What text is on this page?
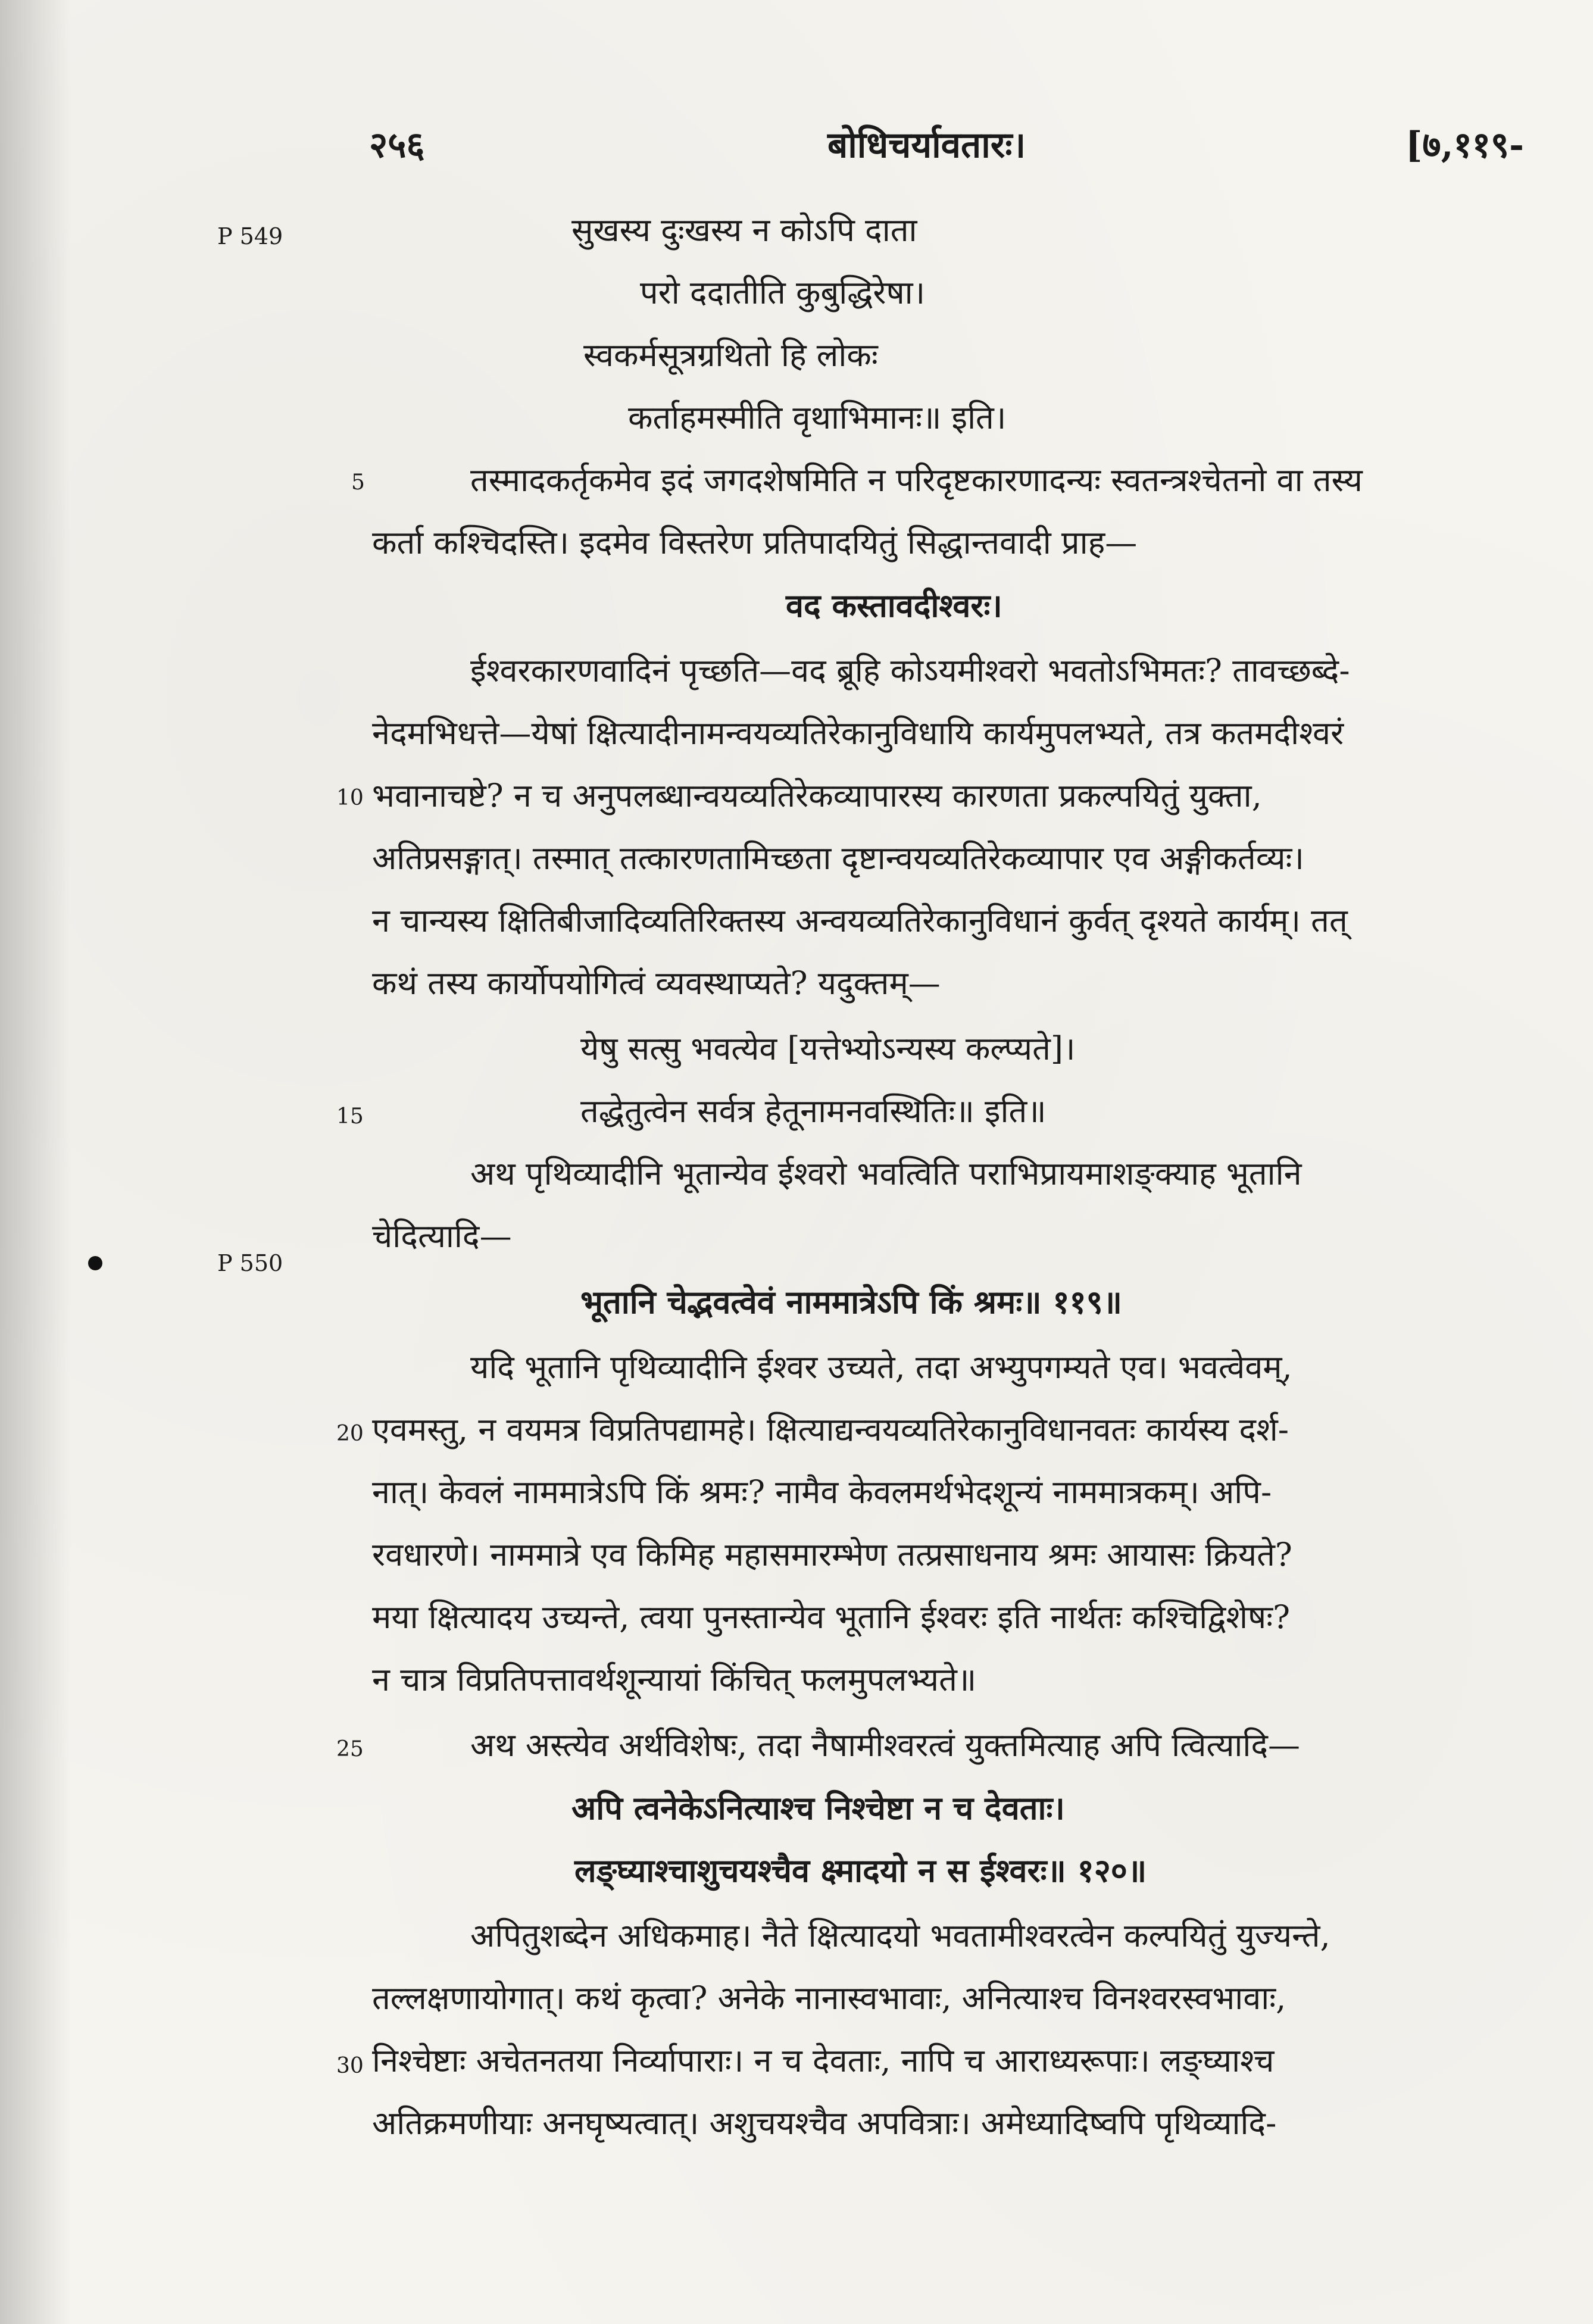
२५६	बोधिचर्यावतारः।	[७,११९-
P 549
P 550
5
10
15
20
25
30
सुखस्य दुःखस्य न कोऽपि दाता
परो ददातीति कुबुद्धिरेषा।
स्वकर्मसूत्रग्रथितो हि लोकः
कर्ताहमस्मीति वृथाभिमानः॥ इति।
तस्मादकर्तृकमेव इदं जगदशेषमिति न परिदृष्टकारणादन्यः स्वतन्त्रश्चेतनो वा तस्य
कर्ता कश्चिदस्ति। इदमेव विस्तरेण प्रतिपादयितुं सिद्धान्तवादी प्राह—
वद कस्तावदीश्वरः।
ईश्वरकारणवादिनं पृच्छति—वद ब्रूहि कोऽयमीश्वरो भवतोऽभिमतः? तावच्छब्दे-
नेदमभिधत्ते—येषां क्षित्यादीनामन्वयव्यतिरेकानुविधायि कार्यमुपलभ्यते, तत्र कतमदीश्वरं
भवानाचष्टे? न च अनुपलब्धान्वयव्यतिरेकव्यापारस्य कारणता प्रकल्पयितुं युक्ता,
अतिप्रसङ्गात्। तस्मात् तत्कारणतामिच्छता दृष्टान्वयव्यतिरेकव्यापार एव अङ्गीकर्तव्यः।
न चान्यस्य क्षितिबीजादिव्यतिरिक्तस्य अन्वयव्यतिरेकानुविधानं कुर्वत् दृश्यते कार्यम्। तत्
कथं तस्य कार्योपयोगित्वं व्यवस्थाप्यते? यदुक्तम्—
येषु सत्सु भवत्येव [यत्तेभ्योऽन्यस्य कल्प्यते]।
तद्धेतुत्वेन सर्वत्र हेतूनामनवस्थितिः॥ इति॥
अथ पृथिव्यादीनि भूतान्येव ईश्वरो भवत्विति पराभिप्रायमाशङ्क्याह भूतानि
चेदित्यादि—
भूतानि चेद्भवत्वेवं नाममात्रेऽपि किं श्रमः॥ ११९॥
यदि भूतानि पृथिव्यादीनि ईश्वर उच्यते, तदा अभ्युपगम्यते एव। भवत्वेवम्,
एवमस्तु, न वयमत्र विप्रतिपद्यामहे। क्षित्याद्यन्वयव्यतिरेकानुविधानवतः कार्यस्य दर्श-
नात्। केवलं नाममात्रेऽपि किं श्रमः? नामैव केवलमर्थभेदशून्यं नाममात्रकम्। अपि-
रवधारणे। नाममात्रे एव किमिह महासमारम्भेण तत्प्रसाधनाय श्रमः आयासः क्रियते?
मया क्षित्यादय उच्यन्ते, त्वया पुनस्तान्येव भूतानि ईश्वरः इति नार्थतः कश्चिद्विशेषः?
न चात्र विप्रतिपत्तावर्थशून्यायां किंचित् फलमुपलभ्यते॥
अथ अस्त्येव अर्थविशेषः, तदा नैषामीश्वरत्वं युक्तमित्याह अपि त्वित्यादि—
अपि त्वनेकेऽनित्याश्च निश्चेष्टा न च देवताः।
लङ्घ्याश्चाशुचयश्चैव क्ष्मादयो न स ईश्वरः॥ १२०॥
अपितुशब्देन अधिकमाह। नैते क्षित्यादयो भवतामीश्वरत्वेन कल्पयितुं युज्यन्ते,
तल्लक्षणायोगात्। कथं कृत्वा? अनेके नानास्वभावाः, अनित्याश्च विनश्वरस्वभावाः,
निश्चेष्टाः अचेतनतया निर्व्यापाराः। न च देवताः, नापि च आराध्यरूपाः। लङ्घ्याश्च
अतिक्रमणीयाः अनघृष्यत्वात्। अशुचयश्चैव अपवित्राः। अमेध्यादिष्वपि पृथिव्यादि-
